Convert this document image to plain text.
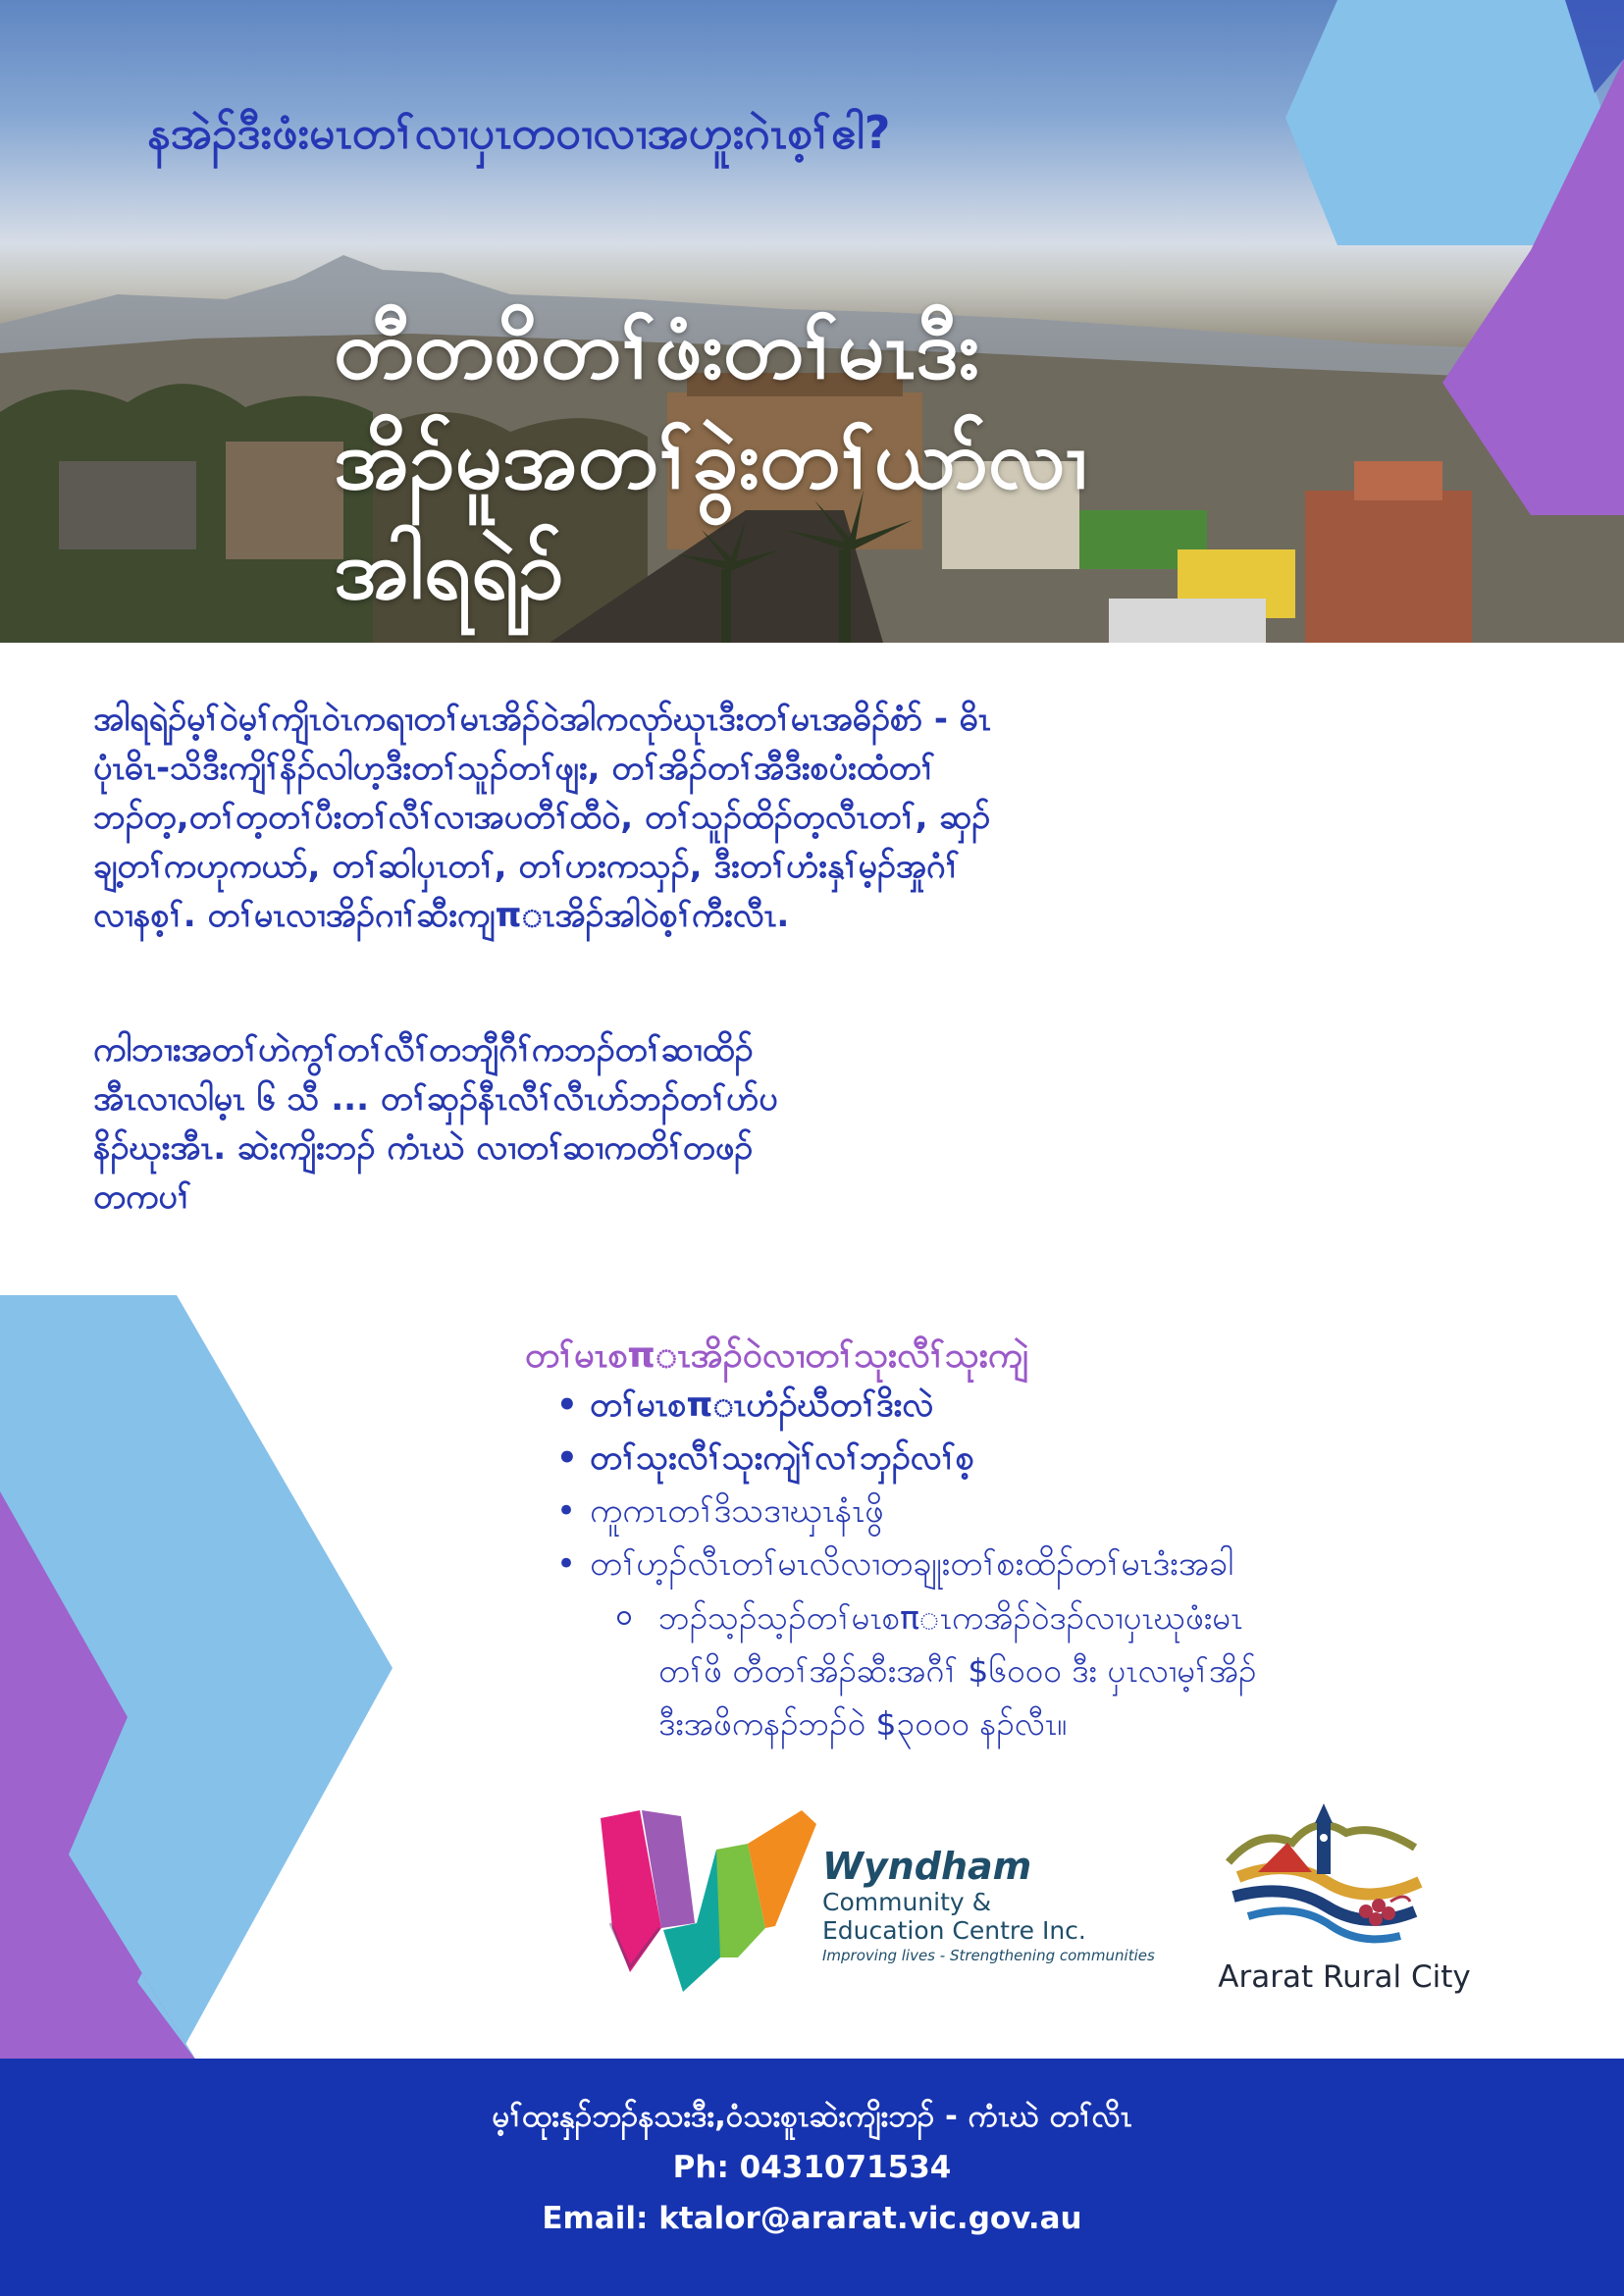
နအဲၣ်ဒီးဖံးမၤတၢ်လၢပှၤတဝၢလၢအဟူးဂဲၤစ့ၢ်ဧါ?
တီတစိတၢ်ဖံးတၢ်မၤဒီး
အိၣ်မူအတၢ်ခွဲးတၢ်ယာ်လၢ
အါရရဲၣ်
အါရရဲၣ်မ့ၢ်ဝဲမ့ၢ်ကျိၤဝဲၤကရၢတၢ်မၤအိၣ်ဝဲအါကလုာ်ဃုၤဒီးတၢ်မၤအဓိၣ်စံာ် - ဓိၤ
ပုံၤဓိၤ-သိဒီးကျိၢ်နိၣ်လါဟ့ဒီးတၢ်သူၣ်တၢ်ဖျး, တၢ်အိၣ်တၢ်အီဒီးစပံးထံတၢ်
ဘၣ်တ့,တၢ်တ့တၢ်ပီးတၢ်လီၢ်လၢအပတီၢ်ထီဝဲ, တၢ်သူၣ်ထိၣ်တ့လီၤတၢ်, ဆှၣ်
ချ့တၢ်ကဟုကယာ်, တၢ်ဆါပှၤတၢ်, တၢ်ဟးကသှၣ်, ဒီးတၢ်ဟံးနှၢ်မ့ၣ်အှုဂံၢ်
လၢနစ့ၢ်. တၢ်မၤလၢအိၣ်ဂၢၢ်ဆီးကျπၤအိၣ်အါဝဲစ့ၢ်ကီးလီၤ.
ကါဘၢးအတၢ်ဟဲကွၢ်တၢ်လီၢ်တဘျီဂီၢ်ကဘၣ်တၢ်ဆၢထိၣ်
အီၤလၢလါမ့ၤ ၆ သီ ... တၢ်ဆှၣ်နီၤလီၢ်လီၤဟ်ဘၣ်တၢ်ဟ်ပ
နိၣ်ဃုးအီၤ. ဆဲးကျိးဘၣ် ကံၤဃဲ လၢတၢ်ဆၢကတိၢ်တဖၣ်
တကပၢ်
တၢ်မၤစπၤအိၣ်ဝဲလၢတၢ်သုးလီၢ်သုးကျဲ
• တၢ်မၤစπၤဟံၣ်ဃီတၢ်ဒိးလဲ
• တၢ်သုးလီၢ်သုးကျဲၢ်လၢ်ဘှၣ်လၢ်စ့
• ကူကၤတၢ်ဒိသဒၢဃှၤနံၤဖွိ
• တၢ်ဟ့ၣ်လီၤတၢ်မၤလိလၢတချုးတၢ်စးထိၣ်တၢ်မၤဒံးအခါ
ဘၣ်သ့ၣ်သ့ၣ်တၢ်မၤစπၤကအိၣ်ဝဲဒၣ်လၢပှၤဃုဖံးမၤ
တၢ်ဖိ တီတၢ်အိၣ်ဆီးအဂီၢ် $၆၀၀၀ ဒီး ပှၤလၢမ့ၢ်အိၣ်
ဒီးအဖိကနၣ်ဘၣ်ဝဲ $၃၀၀၀ နၣ်လီၤ။
Wyndham
Community &
Education Centre Inc.
Improving lives - Strengthening communities
Ararat Rural City
မ့ၢ်ထုးနှၣ်ဘၣ်နသးဒီး,ဝံသးစူၤဆဲးကျိးဘၣ် - ကံၤဃဲ တၢ်လိၤ
Ph: 0431071534
Email: ktalor@ararat.vic.gov.au
